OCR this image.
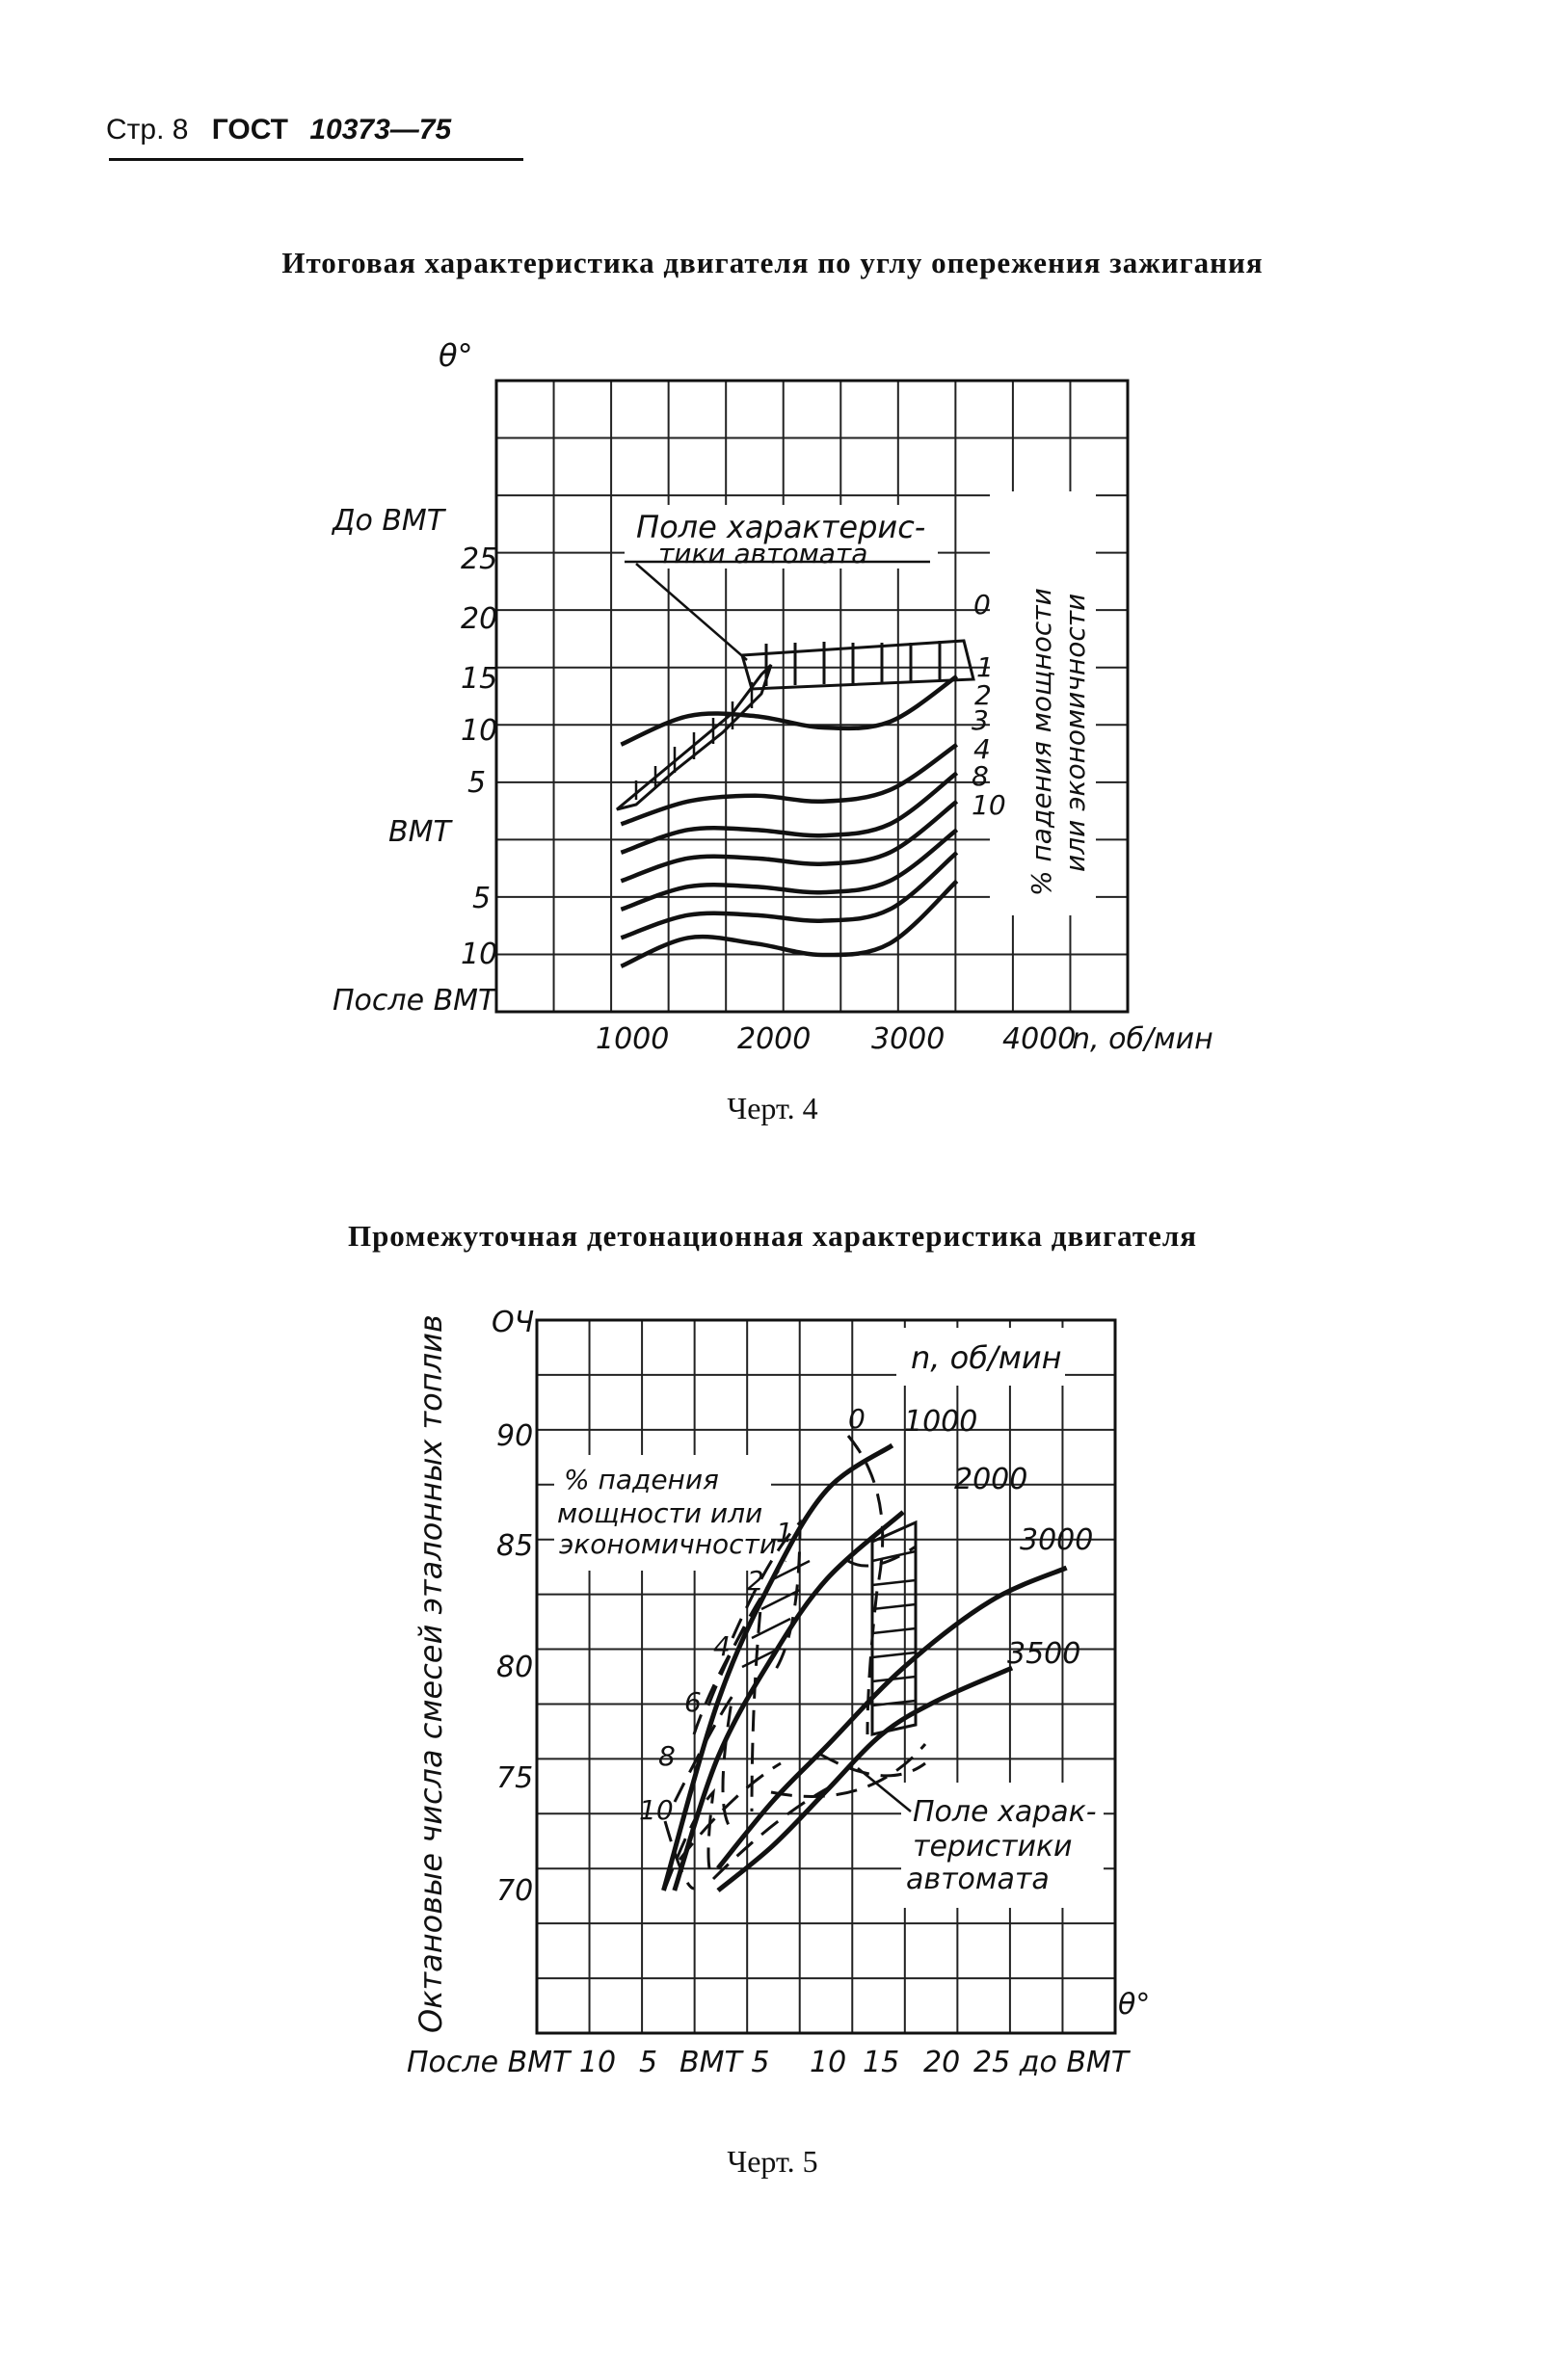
Стр. 8 ГОСТ 10373—75
Итоговая характеристика двигателя по углу опережения зажигания
Черт. 4
Промежуточная детонационная характеристика двигателя
Черт. 5
θ°
До ВМТ
ВМТ
После ВМТ
25
20
15
10
5
5
10
1000 2000 3000 4000
n, об/мин
Поле характерис-
тики автомата
% падения мощности или экономичности
0
1
2
3
4
8
10
Октановые числа смесей эталонных топлив ОЧ
90
85
80
75
70
θ°
После ВМТ 10 5 ВМТ 5 10 15 20 25 до ВМТ
n, об/мин
1000
2000
3000
3500
% падения
мощности или
экономичности
0
1
2
4
6
8
10	Поле харак-
теристики
автомата
